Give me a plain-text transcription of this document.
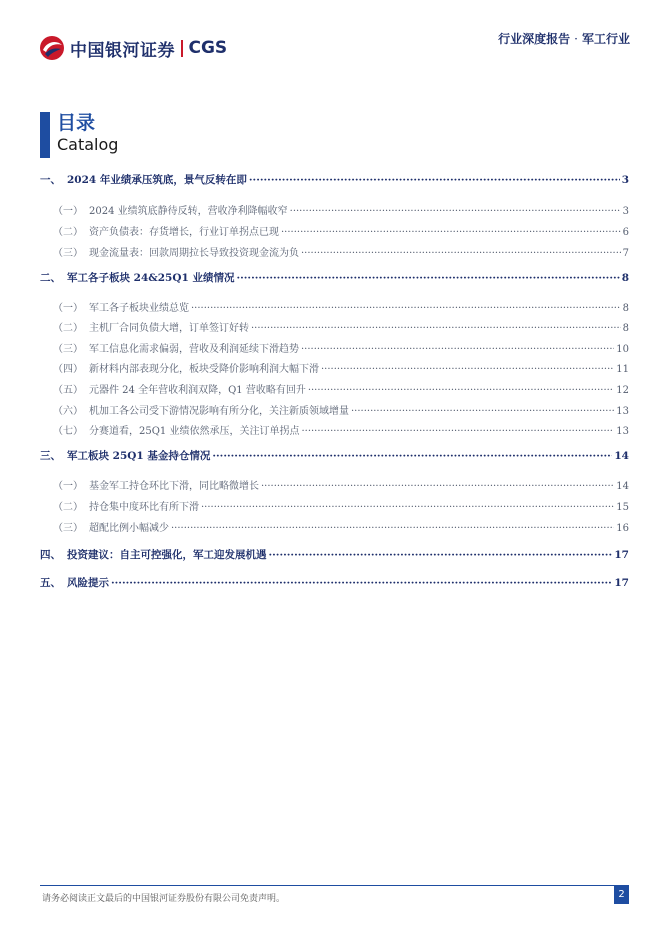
中国银河证券 CGS	行业深度报告 · 军工行业
目录
Catalog
一、 2024 年业绩承压筑底，景气反转在即 ·····	3
（一） 2024 业绩筑底静待反转，营收净利降幅收窄 ·····	3
（二） 资产负债表：存货增长，行业订单拐点已现 ·····	6
（三） 现金流量表：回款周期拉长导致投资现金流为负 ·····	7
二、 军工各子板块 24&25Q1 业绩情况 ·····	8
（一） 军工各子板块业绩总览 ·····	8
（二） 主机厂合同负债大增，订单签订好转 ·····	8
（三） 军工信息化需求偏弱，营收及利润延续下滑趋势 ·····	10
（四） 新材料内部表现分化，板块受降价影响利润大幅下滑 ·····	11
（五） 元器件 24 全年营收利润双降，Q1 营收略有回升 ·····	12
（六） 机加工各公司受下游情况影响有所分化，关注新质领域增量 ·····	13
（七） 分赛道看，25Q1 业绩依然承压，关注订单拐点 ·····	13
三、 军工板块 25Q1 基金持仓情况 ·····	14
（一） 基金军工持仓环比下滑，同比略微增长 ·····	14
（二） 持仓集中度环比有所下滑 ·····	15
（三） 超配比例小幅减少 ·····	16
四、 投资建议：自主可控强化，军工迎发展机遇 ·····	17
五、 风险提示 ·····	17
请务必阅读正文最后的中国银河证券股份有限公司免责声明。	2
